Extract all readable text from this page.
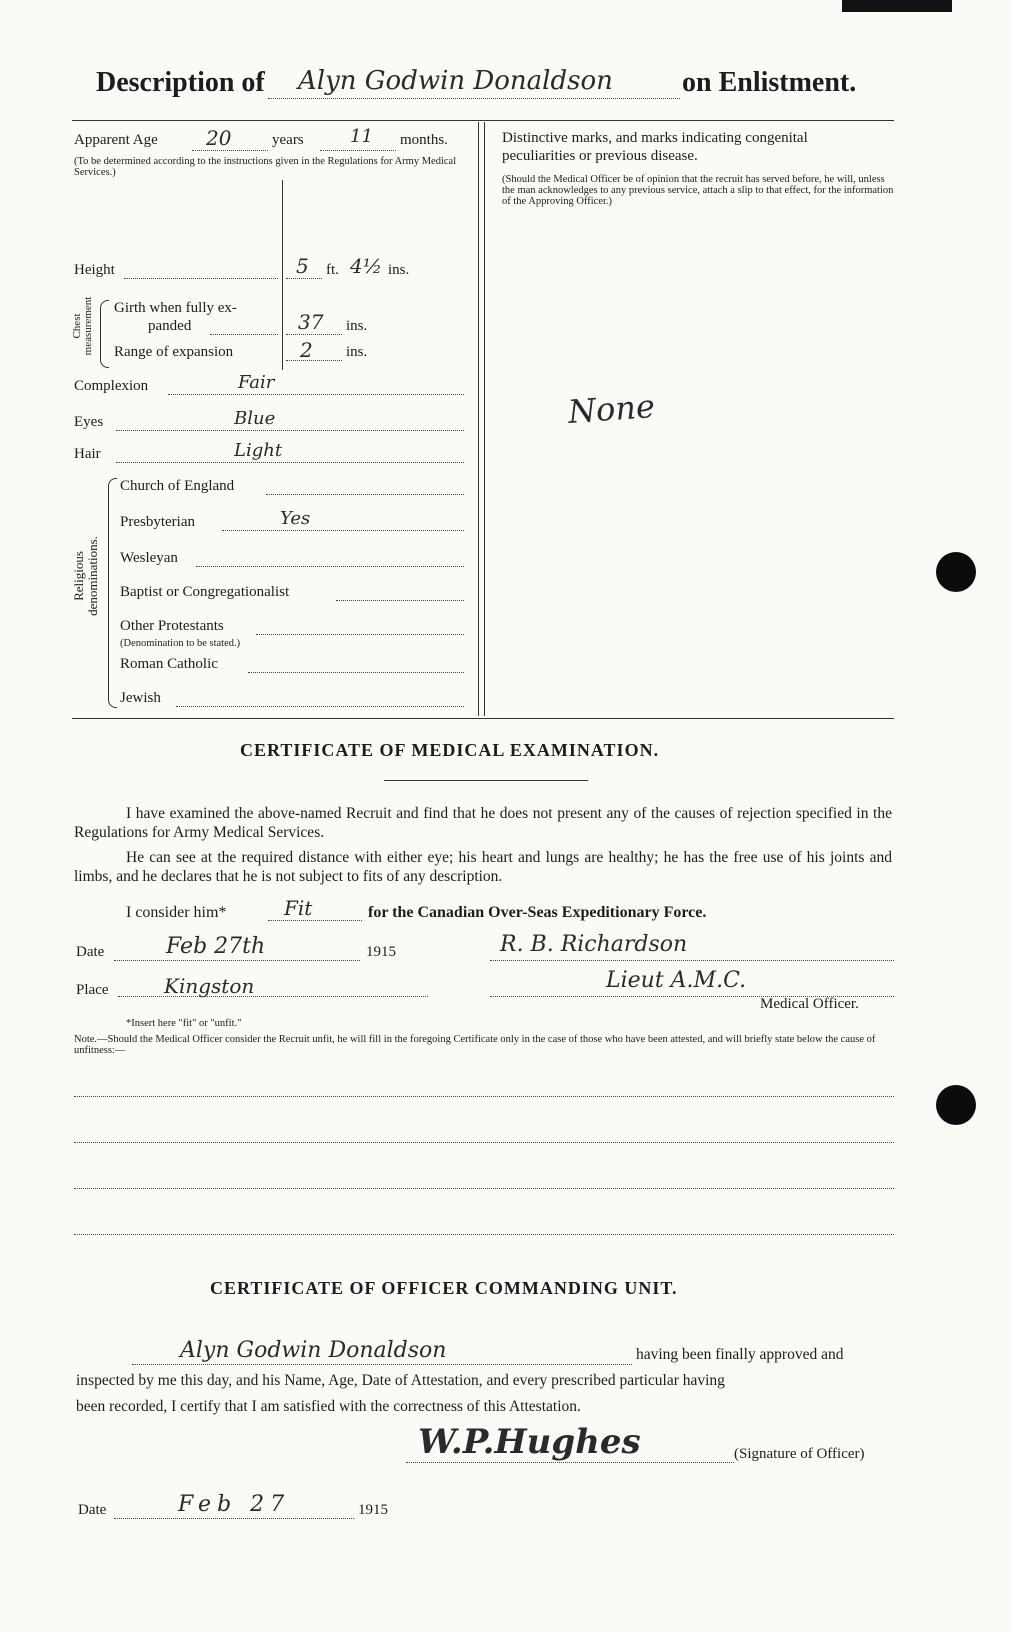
Description of Alyn Godwin Donaldson on Enlistment.
Apparent Age 20	years	11 months.
(To be determined according to the instructions given in the Regulations for Army Medical Services.)
Height	5 ft. 4½ ins.
Chest measurement Girth when fully ex-
panded	37 ins.
Range of expansion	2 ins.
Complexion	Fair
Eyes	Blue
Hair	Light
Religious denominations.
Church of England
Presbyterian	Yes
Wesleyan
Baptist or Congregationalist
Other Protestants
(Denomination to be stated.)
Roman Catholic
Jewish
Distinctive marks, and marks indicating congenital
peculiarities or previous disease.
(Should the Medical Officer be of opinion that the recruit has served before, he will, unless the man acknowledges to any previous service, attach a slip to that effect, for the information of the Approving Officer.)
None
CERTIFICATE OF MEDICAL EXAMINATION.
I have examined the above-named Recruit and find that he does not present any of the causes of rejection specified in the Regulations for Army Medical Services.
He can see at the required distance with either eye; his heart and lungs are healthy; he has the free use of his joints and limbs, and he declares that he is not subject to fits of any description.
I consider him*	Fit	for the Canadian Over-Seas Expeditionary Force.
Date	Feb 27th	1915	R. B. Richardson
Place	Kingston	Lieut A.M.C.
Medical Officer.
*Insert here "fit" or "unfit."
Note.—Should the Medical Officer consider the Recruit unfit, he will fill in the foregoing Certificate only in the case of those who have been attested, and will briefly state below the cause of unfitness:—
CERTIFICATE OF OFFICER COMMANDING UNIT.
Alyn Godwin Donaldson	having been finally approved and
inspected by me this day, and his Name, Age, Date of Attestation, and every prescribed particular having
been recorded, I certify that I am satisfied with the correctness of this Attestation.
W.P.Hughes	(Signature of Officer)
Date	Feb 27	1915
